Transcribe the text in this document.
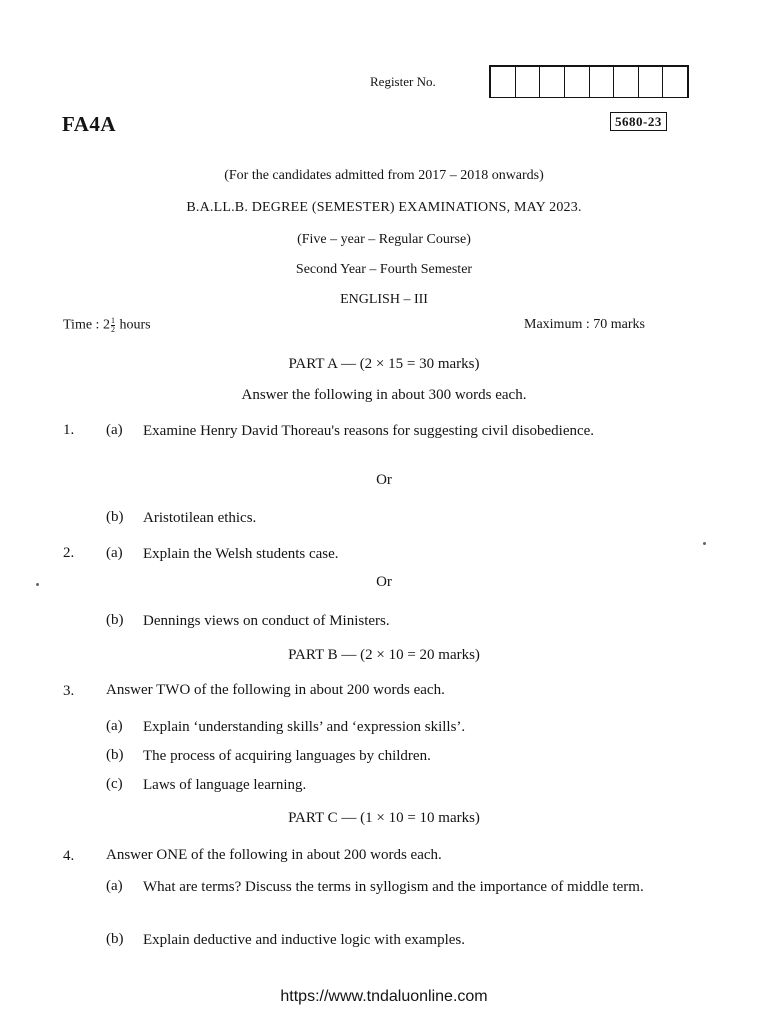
Register No.
FA4A	5680-23
(For the candidates admitted from 2017 – 2018 onwards)
B.A.LL.B. DEGREE (SEMESTER) EXAMINATIONS, MAY 2023.
(Five – year – Regular Course)
Second Year – Fourth Semester
ENGLISH – III
Time : $2 \frac{1}{2}$ hours	Maximum : 70 marks
PART A — (2 × 15 = 30 marks)
Answer the following in about 300 words each.
1. (a) Examine Henry David Thoreau's reasons for suggesting civil disobedience.
Or
(b) Aristotilean ethics.
2. (a) Explain the Welsh students case.
Or
(b) Dennings views on conduct of Ministers.
PART B — (2 × 10 = 20 marks)
3. Answer TWO of the following in about 200 words each.
(a) Explain ‘understanding skills’ and ‘expression skills’.
(b) The process of acquiring languages by children.
(c) Laws of language learning.
PART C — (1 × 10 = 10 marks)
4. Answer ONE of the following in about 200 words each.
(a) What are terms? Discuss the terms in syllogism and the importance of middle term.
(b) Explain deductive and inductive logic with examples.
https://www.tndaluonline.com
